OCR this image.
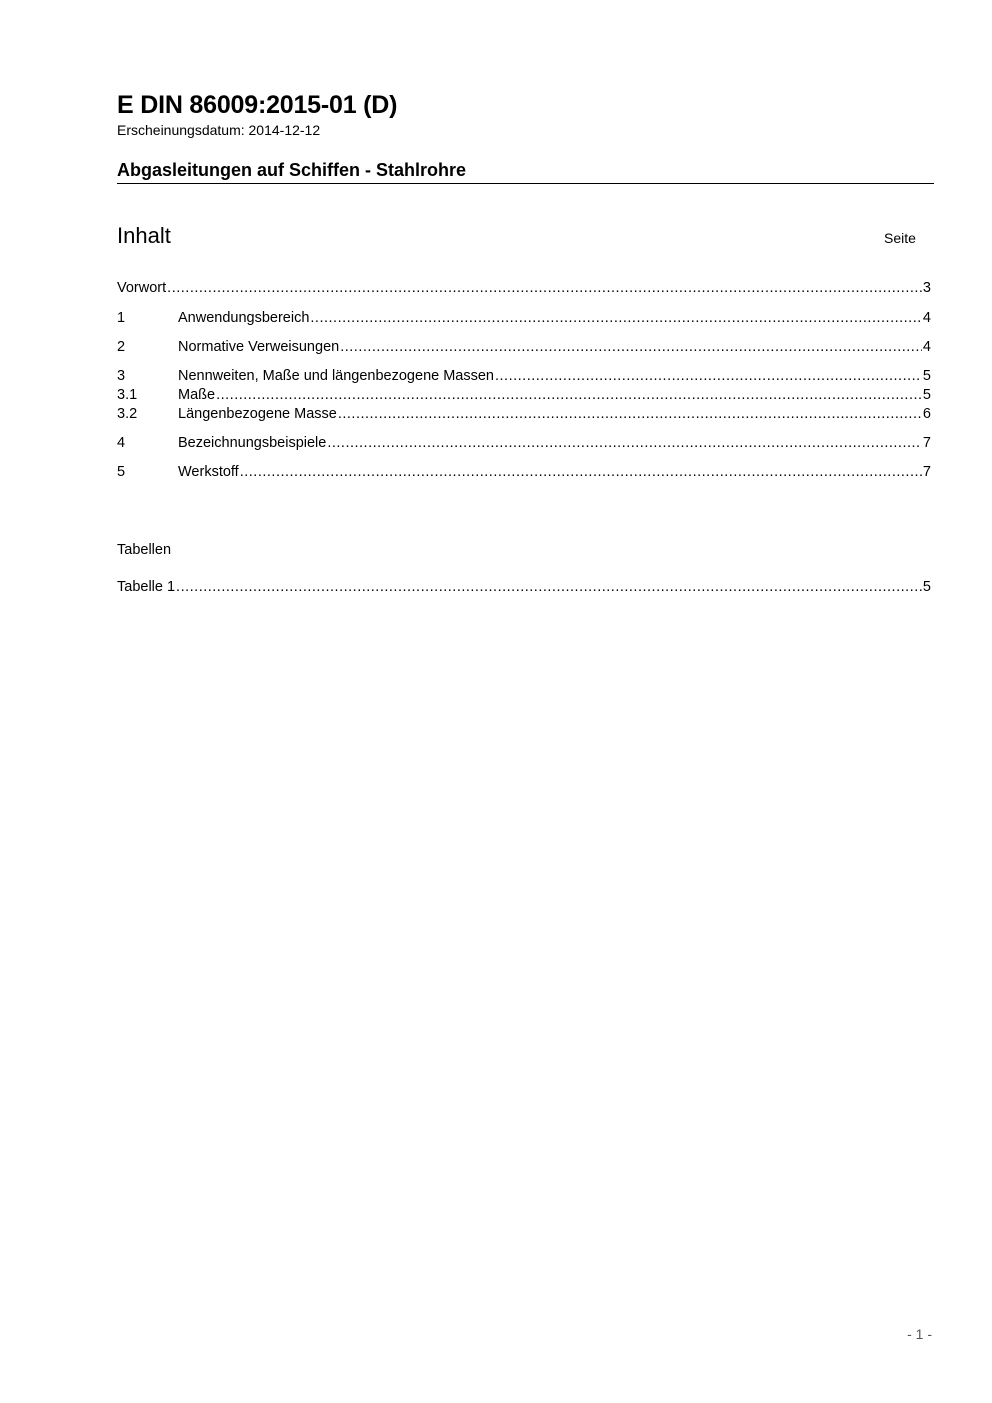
E DIN 86009:2015-01 (D)
Erscheinungsdatum: 2014-12-12
Abgasleitungen auf Schiffen - Stahlrohre
Inhalt	Seite
Vorwort .....	3
1	Anwendungsbereich .....	4
2	Normative Verweisungen .....	4
3	Nennweiten, Maße und längenbezogene Massen .....	5
3.1	Maße .....	5
3.2	Längenbezogene Masse .....	6
4	Bezeichnungsbeispiele .....	7
5	Werkstoff .....	7
Tabellen
Tabelle 1 .....	5
- 1 -
